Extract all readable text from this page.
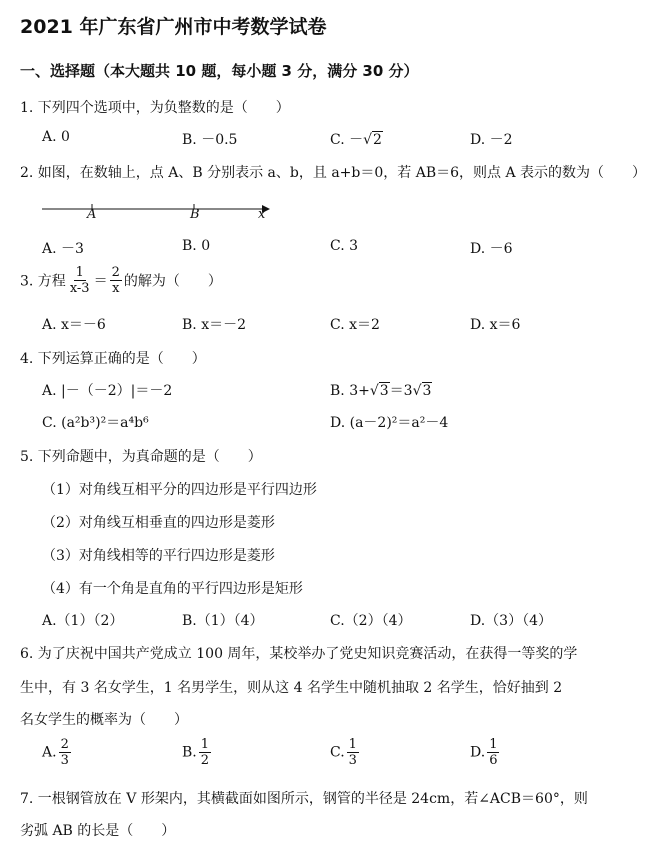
2021 年广东省广州市中考数学试卷
一、选择题（本大题共 10 题，每小题 3 分，满分 30 分）
1. 下列四个选项中，为负整数的是（　　）
A. 0	B. －0.5	C. －√2	D. －2
2. 如图，在数轴上，点 A、B 分别表示 a、b，且 a+b＝0，若 AB＝6，则点 A 表示的数为（　　）
A	B	x
A. －3	B. 0	C. 3	D. －6
3. 方程 $\frac{1}{x-3} = \frac{2}{x}$ 的解为（　　）
A. x＝－6	B. x＝－2	C. x＝2	D. x＝6
4. 下列运算正确的是（　　）
A. |－（－2）|＝－2	B. 3+√3＝3√3
C. (a²b³)²＝a⁴b⁶	D. (a－2)²＝a²－4
5. 下列命题中，为真命题的是（　　）
（1）对角线互相平分的四边形是平行四边形
（2）对角线互相垂直的四边形是菱形
（3）对角线相等的平行四边形是菱形
（4）有一个角是直角的平行四边形是矩形
A.（1）（2）	B.（1）（4）	C.（2）（4）	D.（3）（4）
6. 为了庆祝中国共产党成立 100 周年，某校举办了党史知识竞赛活动，在获得一等奖的学
生中，有 3 名女学生，1 名男学生，则从这 4 名学生中随机抽取 2 名学生，恰好抽到 2
名女学生的概率为（　　）
A. $\frac{2}{3}$	B. $\frac{1}{2}$	C. $\frac{1}{3}$	D. $\frac{1}{6}$
7. 一根钢管放在 V 形架内，其横截面如图所示，钢管的半径是 24cm，若∠ACB＝60°，则
劣弧 AB 的长是（　　）
